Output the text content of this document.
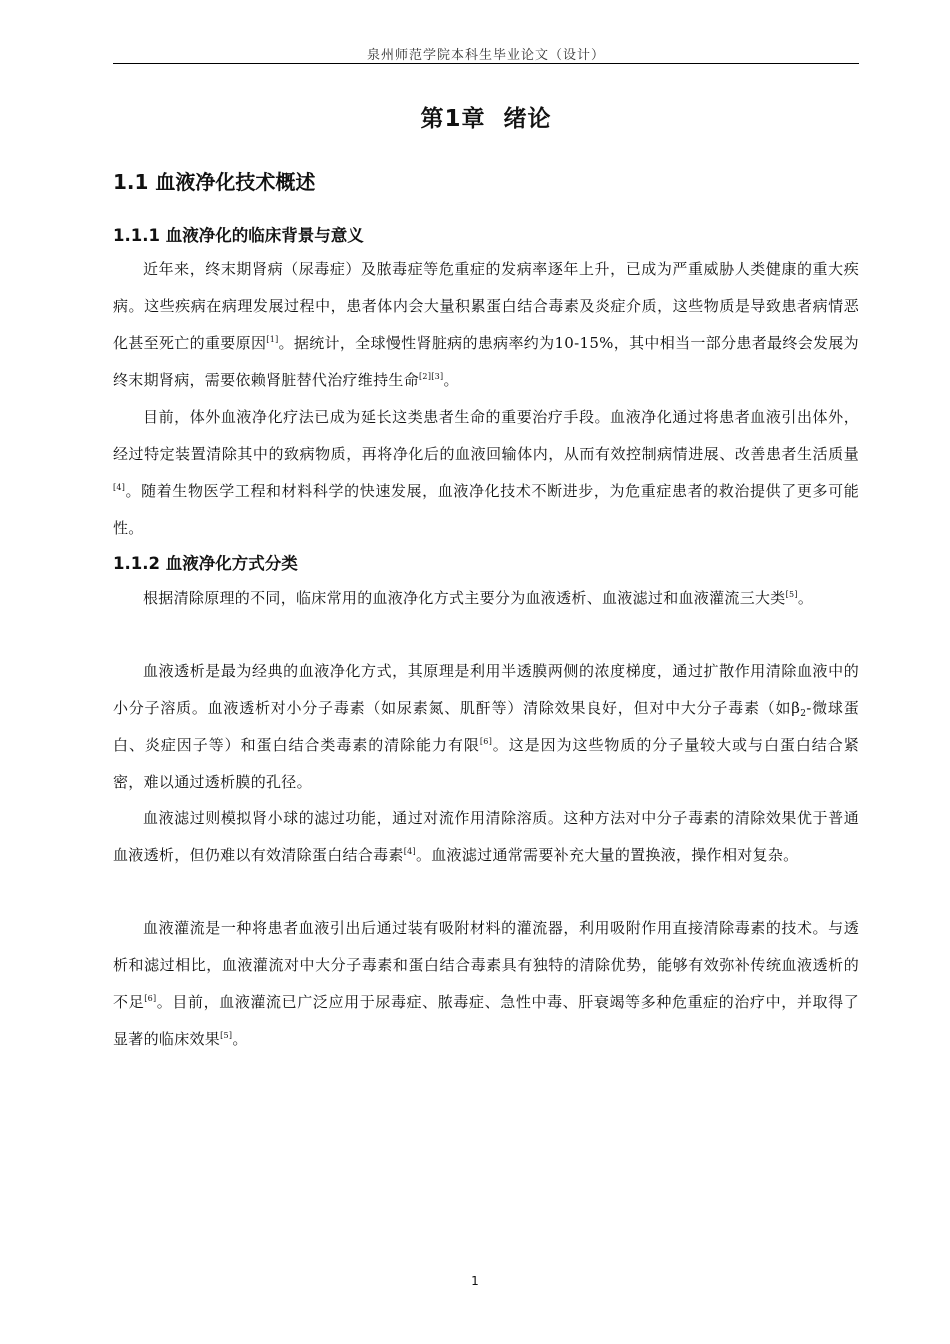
泉州师范学院本科生毕业论文（设计）
第1章  绪论
1.1 血液净化技术概述
1.1.1 血液净化的临床背景与意义

近年来，终末期肾病（尿毒症）及脓毒症等危重症的发病率逐年上升，已成为严重威胁人类健康的重大疾病。这些疾病在病理发展过程中，患者体内会大量积累蛋白结合毒素及炎症介质，这些物质是导致患者病情恶化甚至死亡的重要原因[1]。据统计，全球慢性肾脏病的患病率约为10-15%，其中相当一部分患者最终会发展为终末期肾病，需要依赖肾脏替代治疗维持生命[2][3]。

目前，体外血液净化疗法已成为延长这类患者生命的重要治疗手段。血液净化通过将患者血液引出体外，经过特定装置清除其中的致病物质，再将净化后的血液回输体内，从而有效控制病情进展、改善患者生活质量[4]。随着生物医学工程和材料科学的快速发展，血液净化技术不断进步，为危重症患者的救治提供了更多可能性。

1.1.2 血液净化方式分类

根据清除原理的不同，临床常用的血液净化方式主要分为血液透析、血液滤过和血液灌流三大类[5]。

血液透析是最为经典的血液净化方式，其原理是利用半透膜两侧的浓度梯度，通过扩散作用清除血液中的小分子溶质。血液透析对小分子毒素（如尿素氮、肌酐等）清除效果良好，但对中大分子毒素（如$\beta_2-$微球蛋白、炎症因子等）和蛋白结合类毒素的清除能力有限[6]。这是因为这些物质的分子量较大或与白蛋白结合紧密，难以通过透析膜的孔径。

血液滤过则模拟肾小球的滤过功能，通过对流作用清除溶质。这种方法对中分子毒素的清除效果优于普通血液透析，但仍难以有效清除蛋白结合毒素[4]。血液滤过通常需要补充大量的置换液，操作相对复杂。

血液灌流是一种将患者血液引出后通过装有吸附材料的灌流器，利用吸附作用直接清除毒素的技术。与透析和滤过相比，血液灌流对中大分子毒素和蛋白结合毒素具有独特的清除优势，能够有效弥补传统血液透析的不足[6]。目前，血液灌流已广泛应用于尿毒症、脓毒症、急性中毒、肝衰竭等多种危重症的治疗中，并取得了显著的临床效果[5]。

1
